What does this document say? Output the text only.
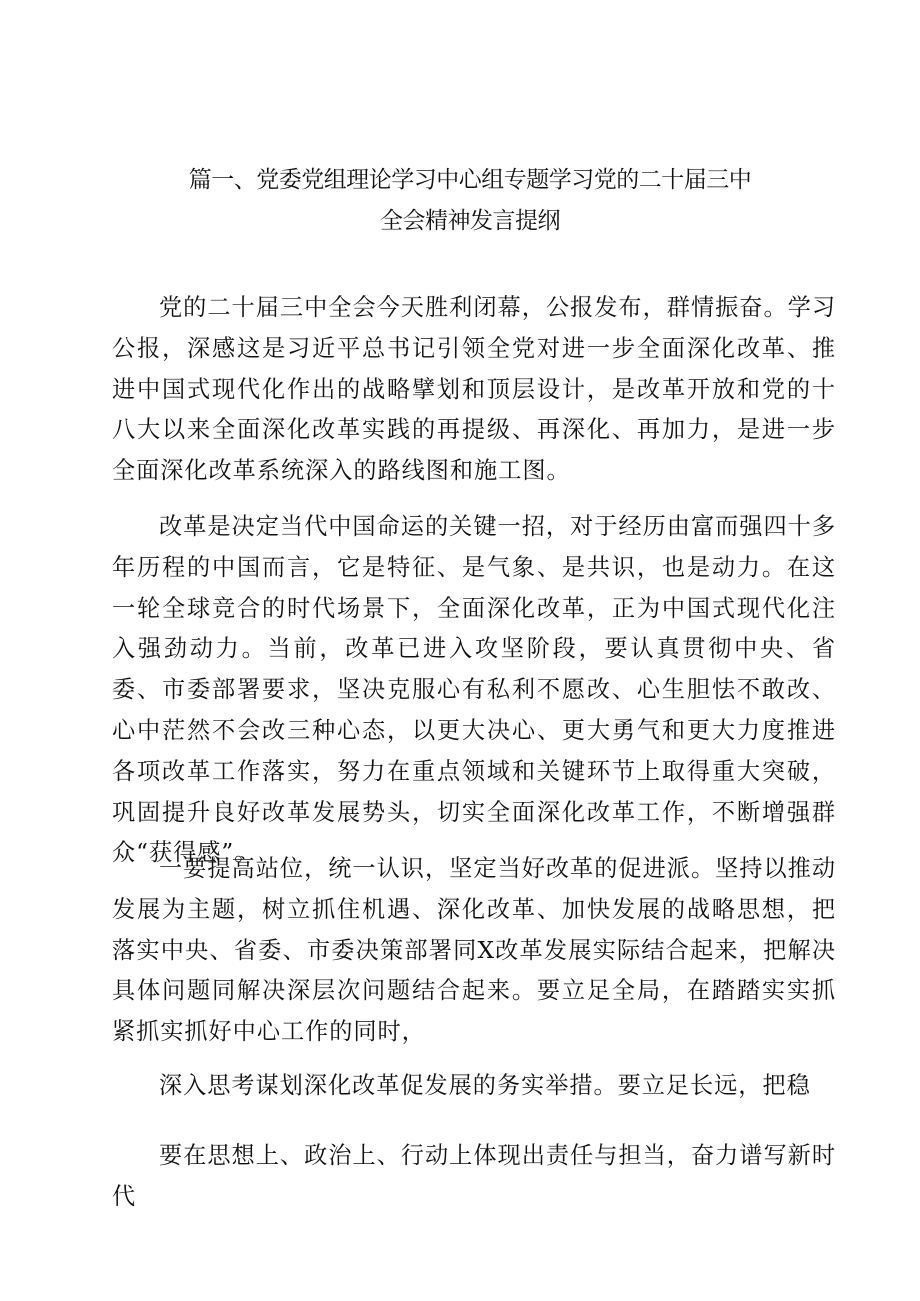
篇一、党委党组理论学习中心组专题学习党的二十届三中
全会精神发言提纲

党的二十届三中全会今天胜利闭幕，公报发布，群情振奋。学习公报，深感这是习近平总书记引领全党对进一步全面深化改革、推进中国式现代化作出的战略擘划和顶层设计，是改革开放和党的十八大以来全面深化改革实践的再提级、再深化、再加力，是进一步全面深化改革系统深入的路线图和施工图。

改革是决定当代中国命运的关键一招，对于经历由富而强四十多年历程的中国而言，它是特征、是气象、是共识，也是动力。在这一轮全球竞合的时代场景下，全面深化改革，正为中国式现代化注入强劲动力。当前，改革已进入攻坚阶段，要认真贯彻中央、省委、市委部署要求，坚决克服心有私利不愿改、心生胆怯不敢改、心中茫然不会改三种心态，以更大决心、更大勇气和更大力度推进各项改革工作落实，努力在重点领域和关键环节上取得重大突破，巩固提升良好改革发展势头，切实全面深化改革工作，不断增强群众“获得感”。

一要提高站位，统一认识，坚定当好改革的促进派。坚持以推动发展为主题，树立抓住机遇、深化改革、加快发展的战略思想，把落实中央、省委、市委决策部署同X改革发展实际结合起来，把解决具体问题同解决深层次问题结合起来。要立足全局，在踏踏实实抓紧抓实抓好中心工作的同时，

深入思考谋划深化改革促发展的务实举措。要立足长远，把稳

要在思想上、政治上、行动上体现出责任与担当，奋力谱写新时代
